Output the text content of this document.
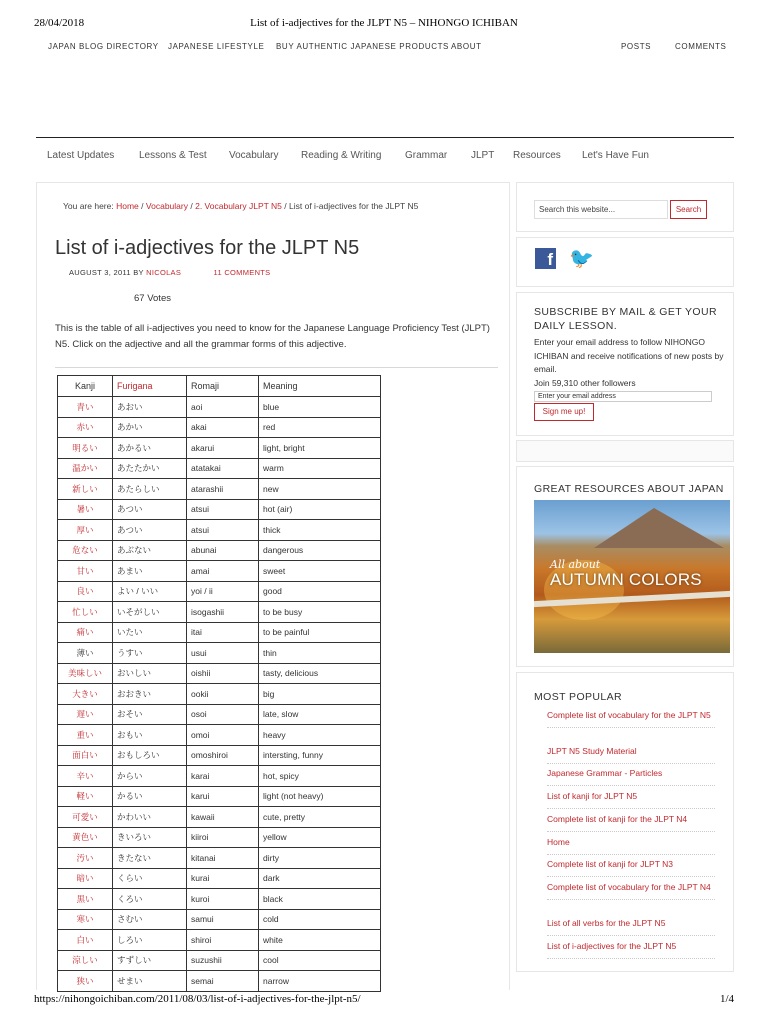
28/04/2018	List of i-adjectives for the JLPT N5 – NIHONGO ICHIBAN
JAPAN BLOG DIRECTORY JAPANESE LIFESTYLE BUY AUTHENTIC JAPANESE PRODUCTS ABOUT	POSTS	COMMENTS
Latest Updates Lessons & Test Vocabulary Reading & Writing Grammar JLPT Resources Let's Have Fun
You are here: Home / Vocabulary / 2. Vocabulary JLPT N5 / List of i-adjectives for the JLPT N5
List of i-adjectives for the JLPT N5
AUGUST 3, 2011 BY NICOLAS	11 COMMENTS
67 Votes

This is the table of all i-adjectives you need to know for the Japanese Language Proficiency Test (JLPT) N5. Click on the adjective and all the grammar forms of this adjective.

Kanji	Furigana	Romaji	Meaning
青い	あおい	aoi	blue
赤い	あかい	akai	red
明るい	あかるい	akarui	light, bright
温かい	あたたかい	atatakai	warm
新しい	あたらしい	atarashii	new
暑い	あつい	atsui	hot (air)
厚い	あつい	atsui	thick
危ない	あぶない	abunai	dangerous
甘い	あまい	amai	sweet
良い	よい / いい	yoi / ii	good
忙しい	いそがしい	isogashii	to be busy
痛い	いたい	itai	to be painful
薄い	うすい	usui	thin
美味しい	おいしい	oishii	tasty, delicious
大きい	おおきい	ookii	big
遅い	おそい	osoi	late, slow
重い	おもい	omoi	heavy
面白い	おもしろい	omoshiroi	intersting, funny
辛い	からい	karai	hot, spicy
軽い	かるい	karui	light (not heavy)
可愛い	かわいい	kawaii	cute, pretty
黄色い	きいろい	kiiroi	yellow
汚い	きたない	kitanai	dirty
暗い	くらい	kurai	dark
黒い	くろい	kuroi	black
寒い	さむい	samui	cold
白い	しろい	shiroi	white
涼しい	すずしい	suzushii	cool
狭い	せまい	semai	narrow
Search this website...	Search
f 🐦
SUBSCRIBE BY MAIL & GET YOUR
DAILY LESSON.
Enter your email address to follow NIHONGO ICHIBAN and receive notifications of new posts by email.
Join 59,310 other followers
Enter your email address
Sign me up!
GREAT RESOURCES ABOUT JAPAN
All about
AUTUMN COLORS
MOST POPULAR
Complete list of vocabulary for the JLPT N5
JLPT N5 Study Material
Japanese Grammar - Particles
List of kanji for JLPT N5
Complete list of kanji for the JLPT N4
Home
Complete list of kanji for JLPT N3
Complete list of vocabulary for the JLPT N4
List of all verbs for the JLPT N5
List of i-adjectives for the JLPT N5
https://nihongoichiban.com/2011/08/03/list-of-i-adjectives-for-the-jlpt-n5/	1/4
